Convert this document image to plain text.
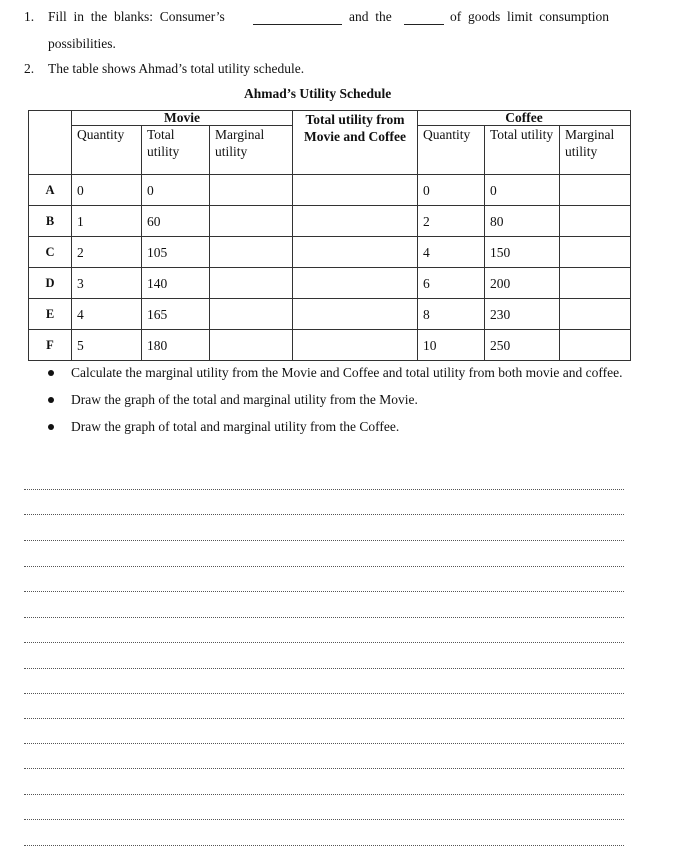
1. Fill  in  the  blanks:  Consumer’s	and  the	of  goods  limit  consumption
possibilities.
2. The table shows Ahmad’s total utility schedule.
Ahmad’s Utility Schedule
	Movie			Total utility from Movie and Coffee	Coffee		
	Quantity	Total utility	Marginal utility		Quantity	Total utility	Marginal utility
A	0	0			0	0	
B	1	60			2	80	
C	2	105			4	150	
D	3	140			6	200	
E	4	165			8	230	
F	5	180			10	250	
Calculate the marginal utility from the Movie and Coffee and total utility from both movie and coffee.
Draw the graph of the total and marginal utility from the Movie.
Draw the graph of total and marginal utility from the Coffee.
